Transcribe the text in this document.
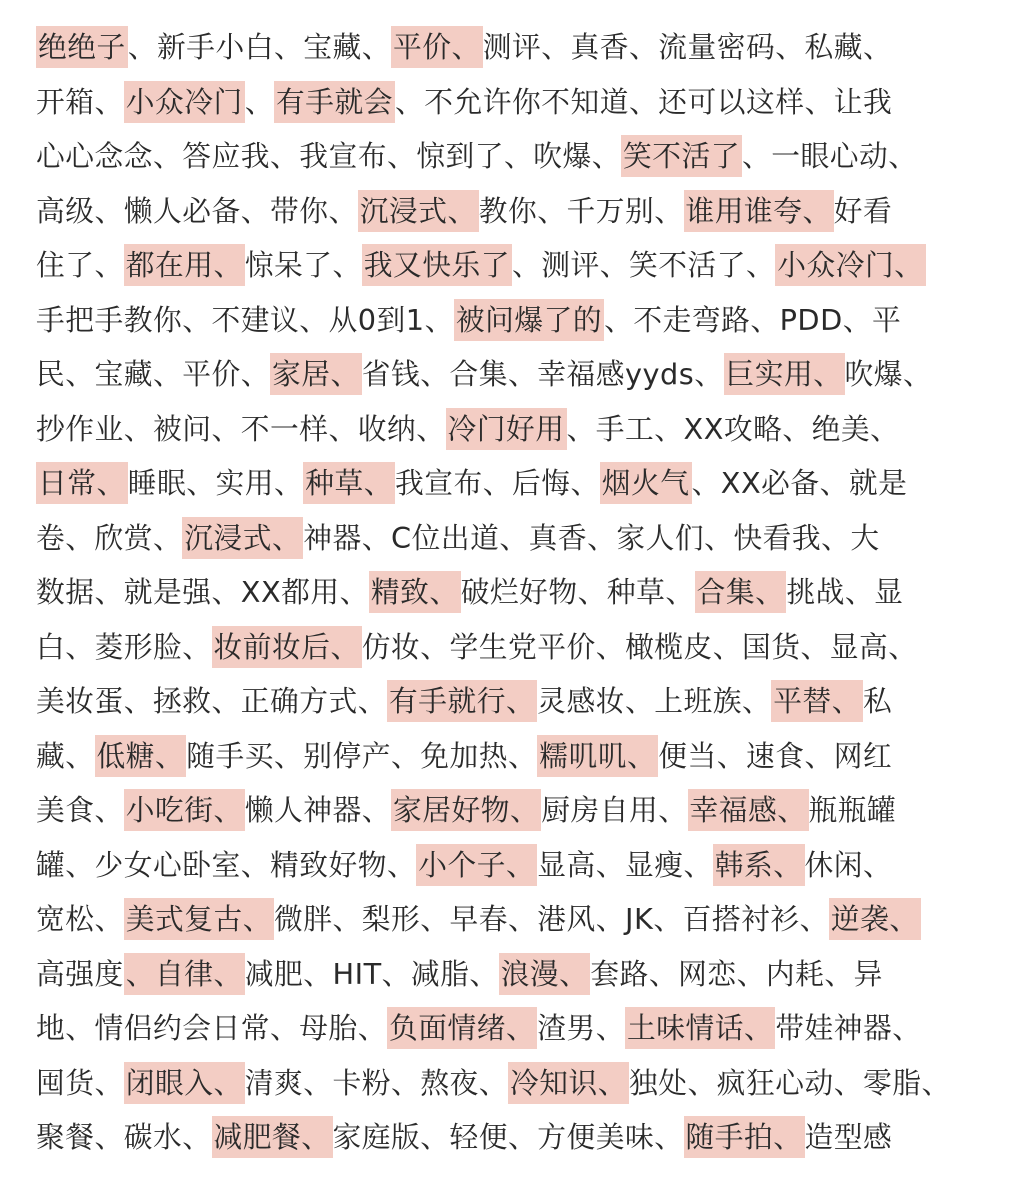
绝绝子、新手小白、宝藏、平价、测评、真香、流量密码、私藏、
开箱、小众冷门、有手就会、不允许你不知道、还可以这样、让我
心心念念、答应我、我宣布、惊到了、吹爆、笑不活了、一眼心动、
高级、懒人必备、带你、沉浸式、教你、千万别、谁用谁夸、好看
住了、都在用、惊呆了、我又快乐了、测评、笑不活了、小众冷门、
手把手教你、不建议、从0到1、被问爆了的、不走弯路、PDD、平
民、宝藏、平价、家居、省钱、合集、幸福感yyds、巨实用、吹爆、
抄作业、被问、不一样、收纳、冷门好用、手工、XX攻略、绝美、
日常、睡眠、实用、种草、我宣布、后悔、烟火气、XX必备、就是
卷、欣赏、沉浸式、神器、C位出道、真香、家人们、快看我、大
数据、就是强、XX都用、精致、破烂好物、种草、合集、挑战、显
白、菱形脸、妆前妆后、仿妆、学生党平价、橄榄皮、国货、显高、
美妆蛋、拯救、正确方式、有手就行、灵感妆、上班族、平替、私
藏、低糖、随手买、别停产、免加热、糯叽叽、便当、速食、网红
美食、小吃街、懒人神器、家居好物、厨房自用、幸福感、瓶瓶罐
罐、少女心卧室、精致好物、小个子、显高、显瘦、韩系、休闲、
宽松、美式复古、微胖、梨形、早春、港风、JK、百搭衬衫、逆袭、
高强度、自律、减肥、HIT、减脂、浪漫、套路、网恋、内耗、异
地、情侣约会日常、母胎、负面情绪、渣男、土味情话、带娃神器、
囤货、闭眼入、清爽、卡粉、熬夜、冷知识、独处、疯狂心动、零脂、
聚餐、碳水、减肥餐、家庭版、轻便、方便美味、随手拍、造型感
